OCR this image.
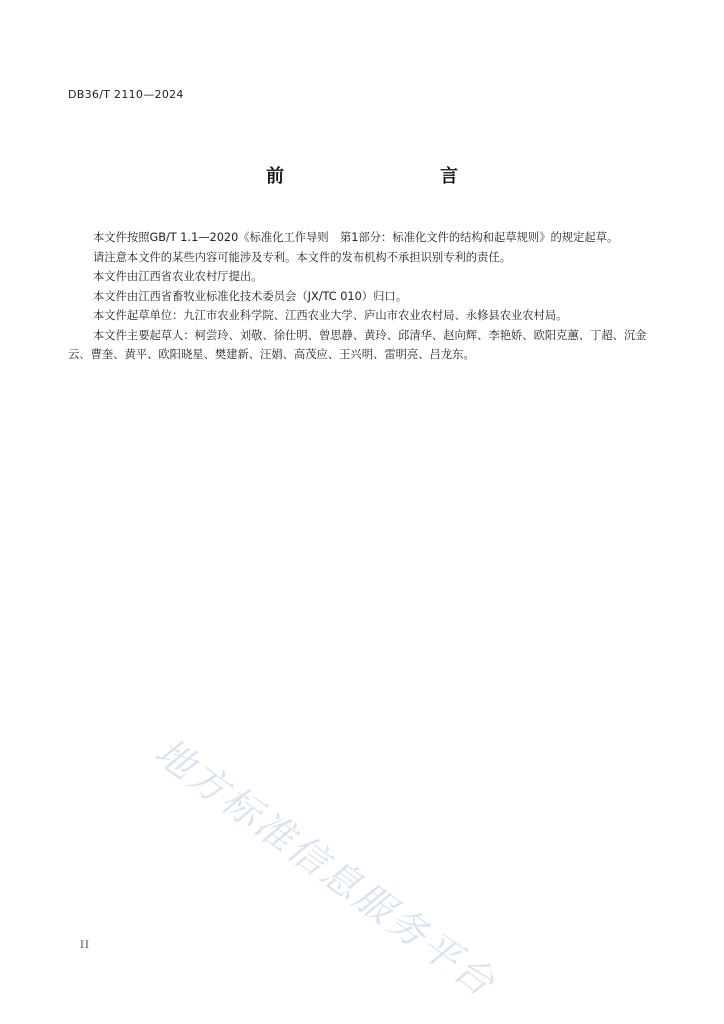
DB36/T 2110—2024
前　　言

本文件按照GB/T 1.1—2020《标准化工作导则　第1部分：标准化文件的结构和起草规则》的规定起草。

请注意本文件的某些内容可能涉及专利。本文件的发布机构不承担识别专利的责任。

本文件由江西省农业农村厅提出。

本文件由江西省畜牧业标准化技术委员会（JX/TC 010）归口。

本文件起草单位：九江市农业科学院、江西农业大学、庐山市农业农村局、永修县农业农村局。

本文件主要起草人：柯尝玲、刘敬、徐仕明、曾思静、黄玲、邱清华、赵向辉、李艳娇、欧阳克蕙、丁超、沉金云、曹奎、黄平、欧阳晓星、樊建新、汪娟、高茂应、王兴明、雷明亮、吕龙东。

地方标准信息服务平台
II
